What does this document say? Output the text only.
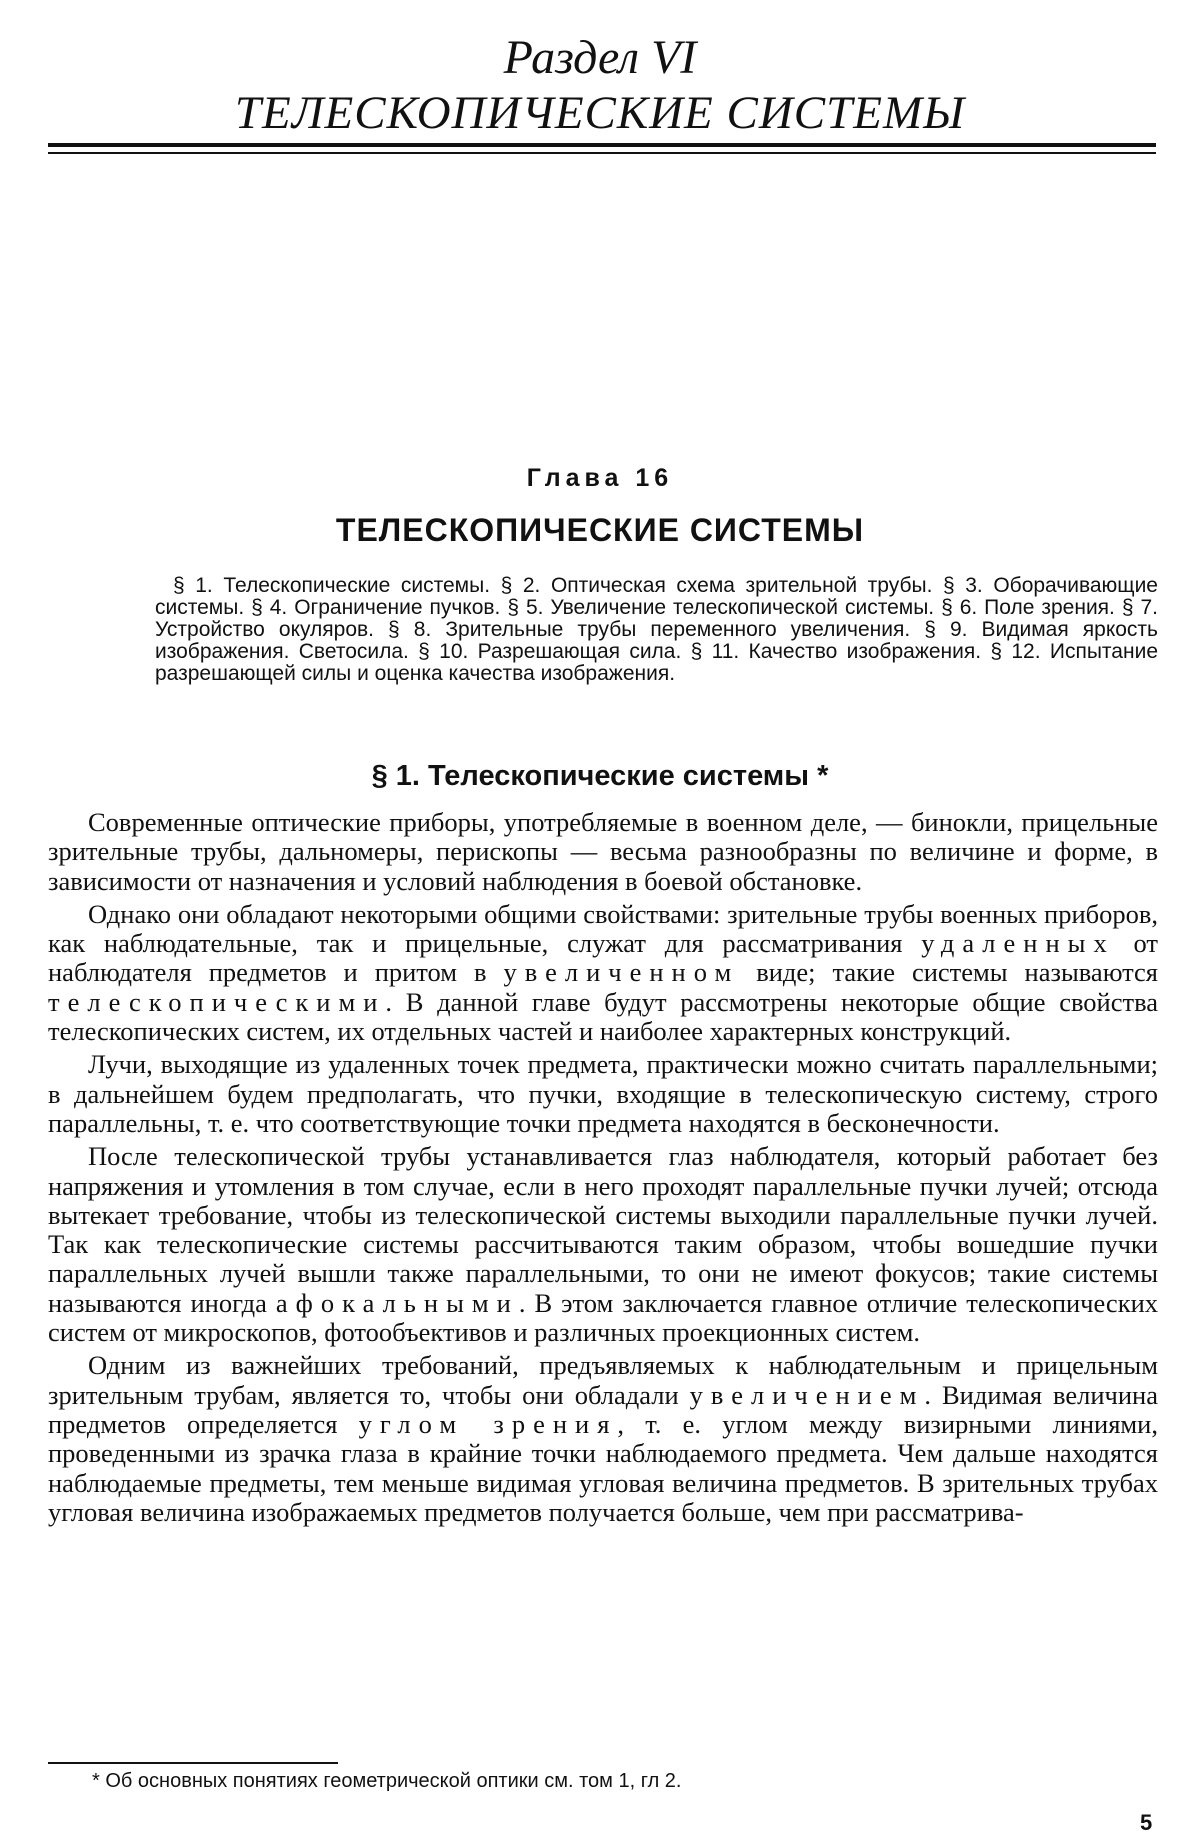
Раздел VI
ТЕЛЕСКОПИЧЕСКИЕ СИСТЕМЫ
Глава 16
ТЕЛЕСКОПИЧЕСКИЕ СИСТЕМЫ
§ 1. Телескопические системы. § 2. Оптическая схема зрительной трубы. § 3. Оборачивающие системы. § 4. Ограничение пучков. § 5. Увеличение телескопической системы. § 6. Поле зрения. § 7. Устройство окуляров. § 8. Зрительные трубы переменного увеличения. § 9. Видимая яркость изображения. Светосила. § 10. Разрешающая сила. § 11. Качество изображения. § 12. Испытание разрешающей силы и оценка качества изображения.
§ 1. Телескопические системы *

Современные оптические приборы, употребляемые в военном деле, — бинокли, прицельные зрительные трубы, дальномеры, перископы — весьма разнообразны по величине и форме, в зависимости от назначения и условий наблюдения в боевой обстановке.

Однако они обладают некоторыми общими свойствами: зрительные трубы военных приборов, как наблюдательные, так и прицельные, служат для рассматривания удаленных от наблюдателя предметов и притом в увеличенном виде; такие системы называются телескопическими. В данной главе будут рассмотрены некоторые общие свойства телескопических систем, их отдельных частей и наиболее характерных конструкций.

Лучи, выходящие из удаленных точек предмета, практически можно считать параллельными; в дальнейшем будем предполагать, что пучки, входящие в телескопическую систему, строго параллельны, т. е. что соответствующие точки предмета находятся в бесконечности.

После телескопической трубы устанавливается глаз наблюдателя, который работает без напряжения и утомления в том случае, если в него проходят параллельные пучки лучей; отсюда вытекает требование, чтобы из телескопической системы выходили параллельные пучки лучей. Так как телескопические системы рассчитываются таким образом, чтобы вошедшие пучки параллельных лучей вышли также параллельными, то они не имеют фокусов; такие системы называются иногда афокальными. В этом заключается главное отличие телескопических систем от микроскопов, фотообъективов и различных проекционных систем.

Одним из важнейших требований, предъявляемых к наблюдательным и прицельным зрительным трубам, является то, чтобы они обладали увеличением. Видимая величина предметов определяется углом зрения, т. е. углом между визирными линиями, проведенными из зрачка глаза в крайние точки наблюдаемого предмета. Чем дальше находятся наблюдаемые предметы, тем меньше видимая угловая величина предметов. В зрительных трубах угловая величина изображаемых предметов получается больше, чем при рассматрива-

* Об основных понятиях геометрической оптики см. том 1, гл 2.
5
